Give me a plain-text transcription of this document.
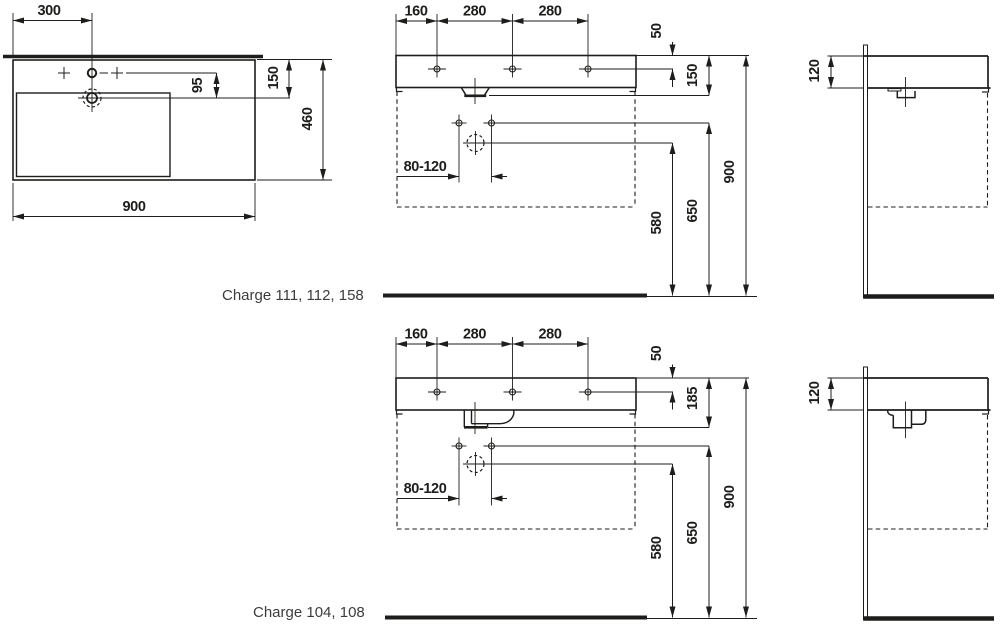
300
95	150
460
900
160 280	280
80-120
50
150
580
650
900
120
Charge 111, 112, 158
160 280	280
80-120
50
185
580
650
900
120
Charge 104, 108
